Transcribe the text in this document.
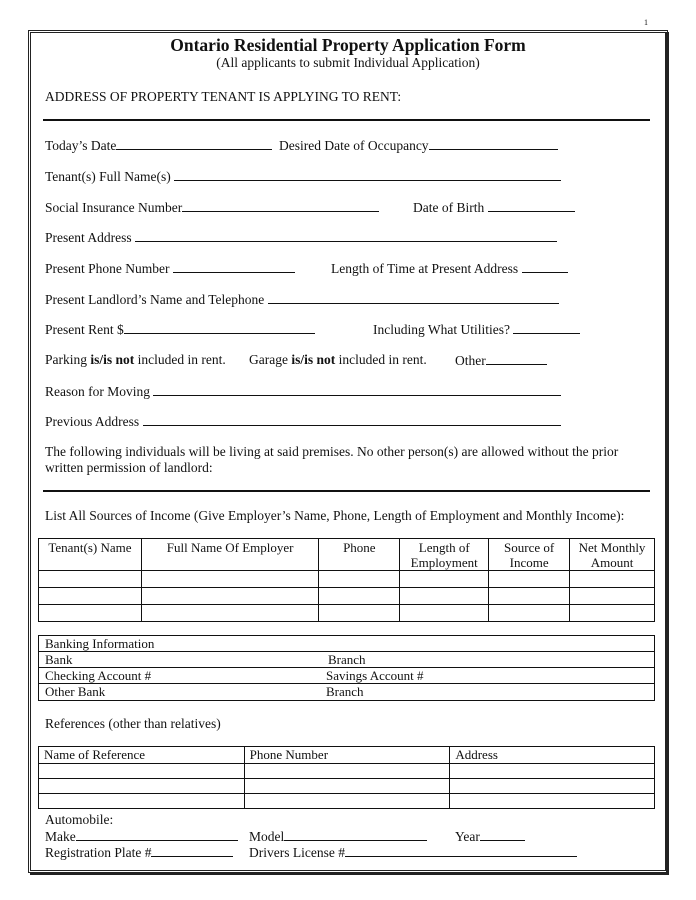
1
Ontario Residential Property Application Form
(All applicants to submit Individual Application)
ADDRESS OF PROPERTY TENANT IS APPLYING TO RENT:
Today’s Date	Desired Date of Occupancy
Tenant(s) Full Name(s)
Social Insurance Number	Date of Birth
Present Address
Present Phone Number	Length of Time at Present Address
Present Landlord’s Name and Telephone
Present Rent $	Including What Utilities?
Parking is/is not included in rent. Garage is/is not included in rent. Other
Reason for Moving
Previous Address
The following individuals will be living at said premises. No other person(s) are allowed without the prior written permission of landlord:
List All Sources of Income (Give Employer’s Name, Phone, Length of Employment and Monthly Income):
Tenant(s) Name	Full Name Of Employer	Phone	Length of Employment	Source of Income	Net Monthly Amount

Banking Information
Bank	Branch
Checking Account #	Savings Account #
Other Bank	Branch
References (other than relatives)
Name of Reference	Phone Number	Address

Automobile:
Make	Model	Year
Registration Plate #	Drivers License #
